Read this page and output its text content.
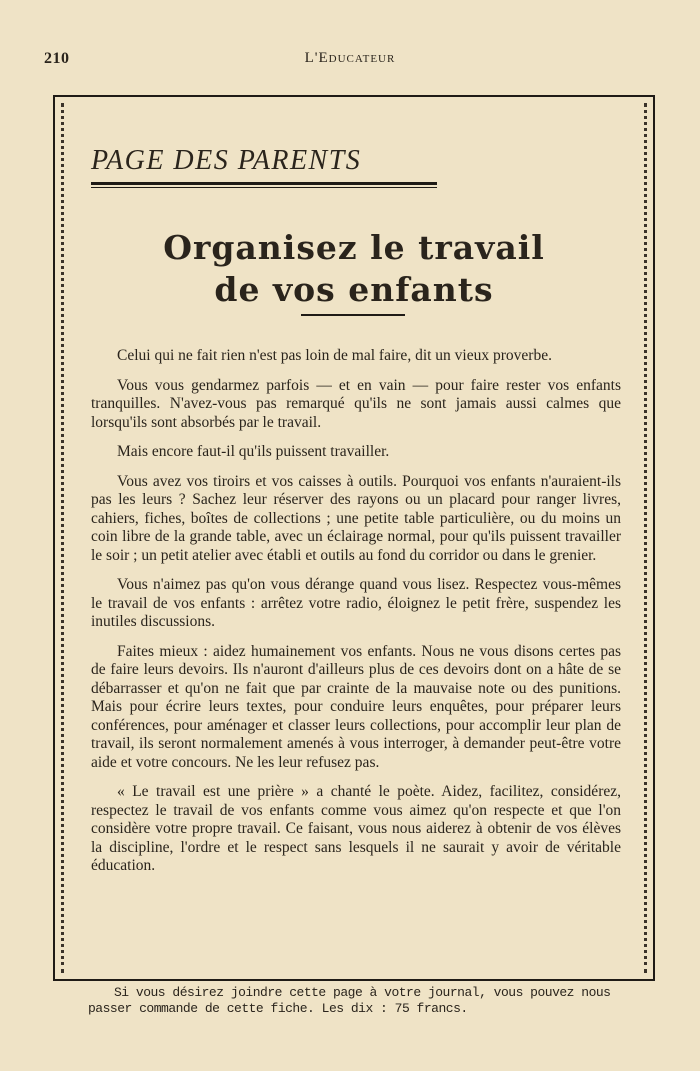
210	L'Educateur
PAGE DES PARENTS
Organisez le travail
de vos enfants

Celui qui ne fait rien n'est pas loin de mal faire, dit un vieux proverbe.

Vous vous gendarmez parfois — et en vain — pour faire rester vos enfants tranquilles. N'avez-vous pas remarqué qu'ils ne sont jamais aussi calmes que lorsqu'ils sont absorbés par le travail.

Mais encore faut-il qu'ils puissent travailler.

Vous avez vos tiroirs et vos caisses à outils. Pourquoi vos enfants n'auraient-ils pas les leurs ? Sachez leur réserver des rayons ou un placard pour ranger livres, cahiers, fiches, boîtes de collections ; une petite table particulière, ou du moins un coin libre de la grande table, avec un éclairage normal, pour qu'ils puissent travailler le soir ; un petit atelier avec établi et outils au fond du corridor ou dans le grenier.

Vous n'aimez pas qu'on vous dérange quand vous lisez. Respectez vous-mêmes le travail de vos enfants : arrêtez votre radio, éloignez le petit frère, suspendez les inutiles discussions.

Faites mieux : aidez humainement vos enfants. Nous ne vous disons certes pas de faire leurs devoirs. Ils n'auront d'ailleurs plus de ces devoirs dont on a hâte de se débarrasser et qu'on ne fait que par crainte de la mauvaise note ou des punitions. Mais pour écrire leurs textes, pour conduire leurs enquêtes, pour préparer leurs conférences, pour aménager et classer leurs collections, pour accomplir leur plan de travail, ils seront normalement amenés à vous interroger, à demander peut-être votre aide et votre concours. Ne les leur refusez pas.

« Le travail est une prière » a chanté le poète. Aidez, facilitez, considérez, respectez le travail de vos enfants comme vous aimez qu'on respecte et que l'on considère votre propre travail. Ce faisant, vous nous aiderez à obtenir de vos élèves la discipline, l'ordre et le respect sans lesquels il ne saurait y avoir de véritable éducation.

Si vous désirez joindre cette page à votre journal, vous pouvez nous passer commande de cette fiche. Les dix : 75 francs.
